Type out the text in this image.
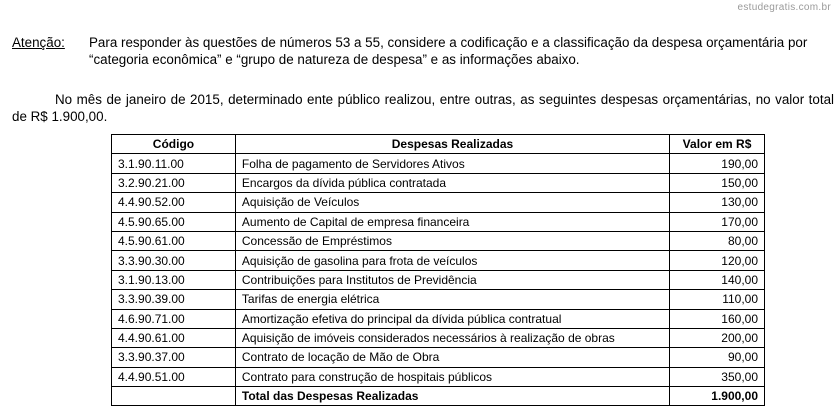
estudegratis.com.br
Atenção: Para responder às questões de números 53 a 55, considere a codificação e a classificação da despesa orçamentária por “categoria econômica” e “grupo de natureza de despesa” e as informações abaixo.
No mês de janeiro de 2015, determinado ente público realizou, entre outras, as seguintes despesas orçamentárias, no valor total de R$ 1.900,00.
Código	Despesas Realizadas	Valor em R$
3.1.90.11.00	Folha de pagamento de Servidores Ativos	190,00
3.2.90.21.00	Encargos da dívida pública contratada	150,00
4.4.90.52.00	Aquisição de Veículos	130,00
4.5.90.65.00	Aumento de Capital de empresa financeira	170,00
4.5.90.61.00	Concessão de Empréstimos	80,00
3.3.90.30.00	Aquisição de gasolina para frota de veículos	120,00
3.1.90.13.00	Contribuições para Institutos de Previdência	140,00
3.3.90.39.00	Tarifas de energia elétrica	110,00
4.6.90.71.00	Amortização efetiva do principal da dívida pública contratual	160,00
4.4.90.61.00	Aquisição de imóveis considerados necessários à realização de obras	200,00
3.3.90.37.00	Contrato de locação de Mão de Obra	90,00
4.4.90.51.00	Contrato para construção de hospitais públicos	350,00
	Total das Despesas Realizadas	1.900,00
